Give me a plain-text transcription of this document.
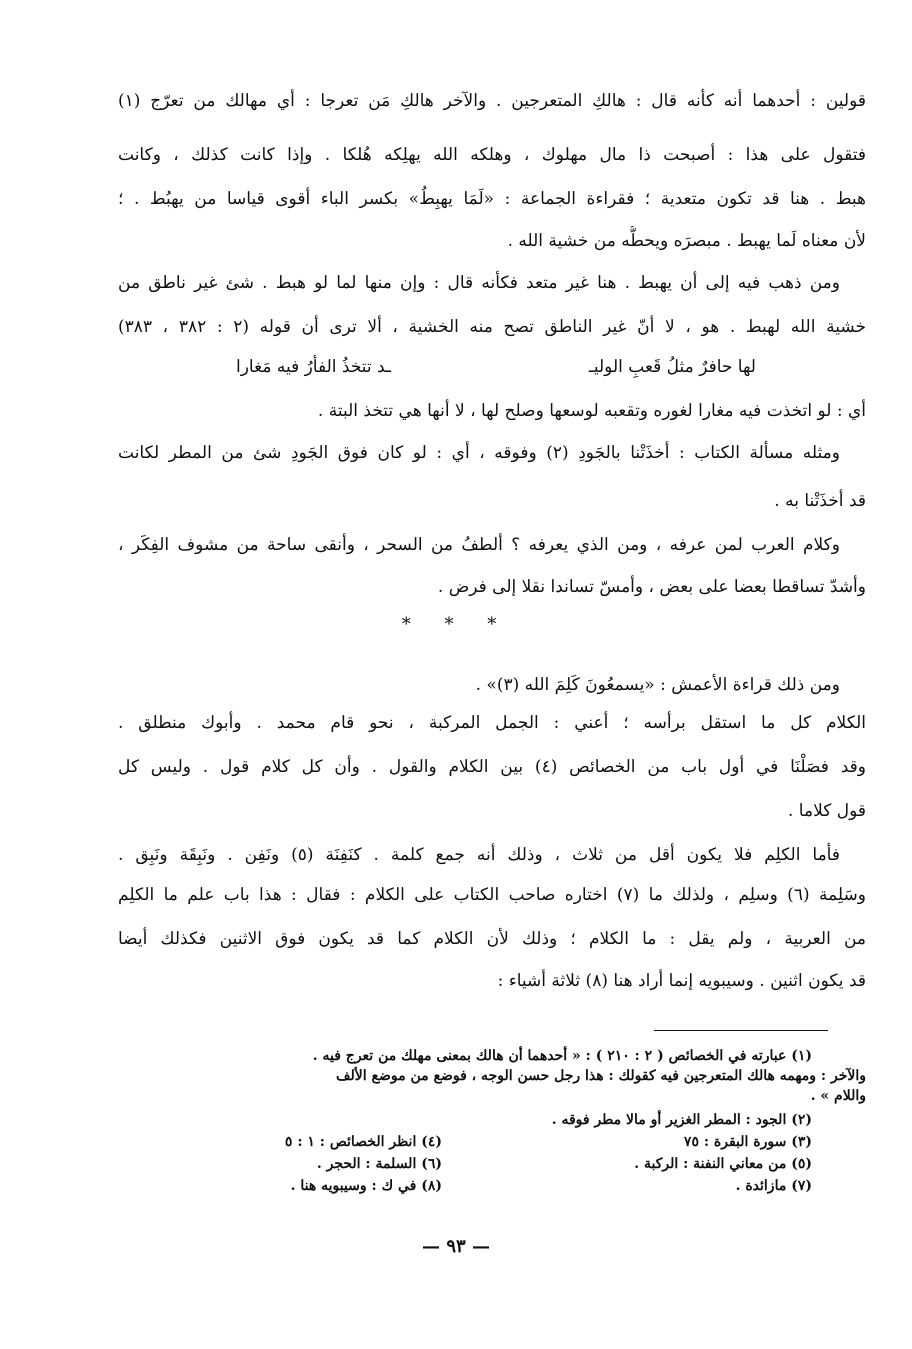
قولين : أحدهما أنه كأنه قال : هالكِ المتعرجين . والآخر هالكِ مَن تعرجا : أي مهالك من تعرّج (١)
فتقول على هذا : أصبحت ذا مال مهلوك ، وهلكه الله يهلِكه هُلكا . وإذا كانت كذلك ، وكانت
هبط . هنا قد تكون متعدية ؛ فقراءة الجماعة : «لَمَا يهبِطُ» بكسر الباء أقوى قياسا من يهبُط . ؛
لأن معناه لَما يهبط . مبصرَه ويحطُّه من خشية الله .
ومن ذهب فيه إلى أن يهبط . هنا غير متعد فكأنه قال : وإن منها لما لو هبط . شئ غير ناطق من
خشية الله لهبط . هو ، لا أنّ غير الناطق تصح منه الخشية ، ألا ترى أن قوله (٢ : ٣٨٢ ، ٣٨٣)
لها حافرٌ مثلُ قَعبِ الوليـ
ـد تتخذُ الفأرُ فيه مَغارا
أي : لو اتخذت فيه مغارا لغوره وتقعبه لوسعها وصلح لها ، لا أنها هي تتخذ البتة .
ومثله مسألة الكتاب : أخذَتْنا بالجَودِ (٢) وفوقه ، أي : لو كان فوق الجَودِ شئ من المطر لكانت
قد أخذَتْنا به .
وكلام العرب لمن عرفه ، ومن الذي يعرفه ؟ ألطفُ من السحر ، وأنقى ساحة من مشوف الفِكَر ،
وأشدّ تساقطا بعضا على بعض ، وأمسّ تساندا نقلا إلى فرض .
* * *
ومن ذلك قراءة الأعمش : «يسمعُونَ كَلِمَ الله (٣)» .
الكلام كل ما استقل برأسه ؛ أعني : الجمل المركبة ، نحو قام محمد . وأبوك منطلق .
وقد فصَلْنَا في أول باب من الخصائص (٤) بين الكلام والقول . وأن كل كلام قول . وليس كل
قول كلاما .
فأما الكلِم فلا يكون أقل من ثلاث ، وذلك أنه جمع كلمة . كنَفِنَة (٥) ونَفِن . ونَبِقَة ونَبِق .
وسَلِمة (٦) وسلِم ، ولذلك ما (٧) اختاره صاحب الكتاب على الكلام : فقال : هذا باب علم ما الكلِم
من العربية ، ولم يقل : ما الكلام ؛ وذلك لأن الكلام كما قد يكون فوق الاثنين فكذلك أيضا
قد يكون اثنين . وسيبويه إنما أراد هنا (٨) ثلاثة أشياء :
(١) عبارته في الخصائص ( ٢ : ٢١٠ ) : « أحدهما أن هالك بمعنى مهلك من تعرج فيه .
والآخر : ومهمه هالك المتعرجين فيه كقولك : هذا رجل حسن الوجه ، فوضع من موضع الألف
واللام » .
(٢) الجود : المطر الغزير أو مالا مطر فوقه .
(٣) سورة البقرة : ٧٥
(٤) انظر الخصائص : ١ : ٥
(٥) من معاني النفنة : الركبة .
(٦) السلمة : الحجر .
(٧) مازائدة .
(٨) في ك : وسيبويه هنا .
— ٩٣ —
